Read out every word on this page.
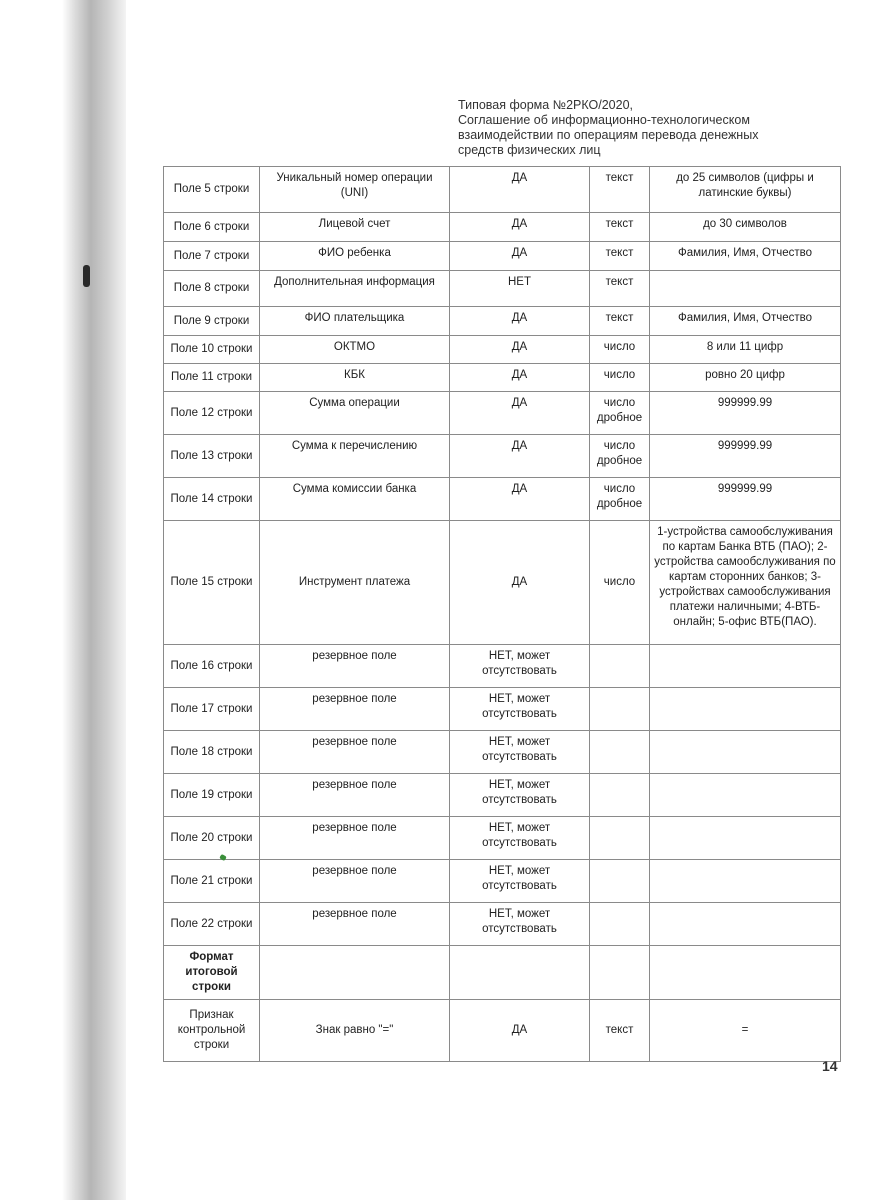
Типовая форма №2РКО/2020,
Соглашение об информационно-технологическом
взаимодействии по операциям перевода денежных
средств физических лиц
Поле 5 строки	Уникальный номер операции (UNI)	ДА	текст	до 25 символов (цифры и латинские буквы)
Поле 6 строки	Лицевой счет	ДА	текст	до 30 символов
Поле 7 строки	ФИО ребенка	ДА	текст	Фамилия, Имя, Отчество
Поле 8 строки	Дополнительная информация	НЕТ	текст	
Поле 9 строки	ФИО плательщика	ДА	текст	Фамилия, Имя, Отчество
Поле 10 строки	ОКТМО	ДА	число	8 или 11 цифр
Поле 11 строки	КБК	ДА	число	ровно 20 цифр
Поле 12 строки	Сумма операции	ДА	число дробное	999999.99
Поле 13 строки	Сумма к перечислению	ДА	число дробное	999999.99
Поле 14 строки	Сумма комиссии банка	ДА	число дробное	999999.99
Поле 15 строки	Инструмент платежа	ДА	число	1-устройства самообслуживания по картам Банка ВТБ (ПАО); 2-устройства самообслуживания по картам сторонних банков; 3-устройствах самообслуживания платежи наличными; 4-ВТБ-онлайн; 5-офис ВТБ(ПАО).
Поле 16 строки	резервное поле	НЕТ, может отсутствовать		
Поле 17 строки	резервное поле	НЕТ, может отсутствовать		
Поле 18 строки	резервное поле	НЕТ, может отсутствовать		
Поле 19 строки	резервное поле	НЕТ, может отсутствовать		
Поле 20 строки	резервное поле	НЕТ, может отсутствовать		
Поле 21 строки	резервное поле	НЕТ, может отсутствовать		
Поле 22 строки	резервное поле	НЕТ, может отсутствовать		
Формат итоговой строки				
Признак контрольной строки	Знак равно "="	ДА	текст	=
14
